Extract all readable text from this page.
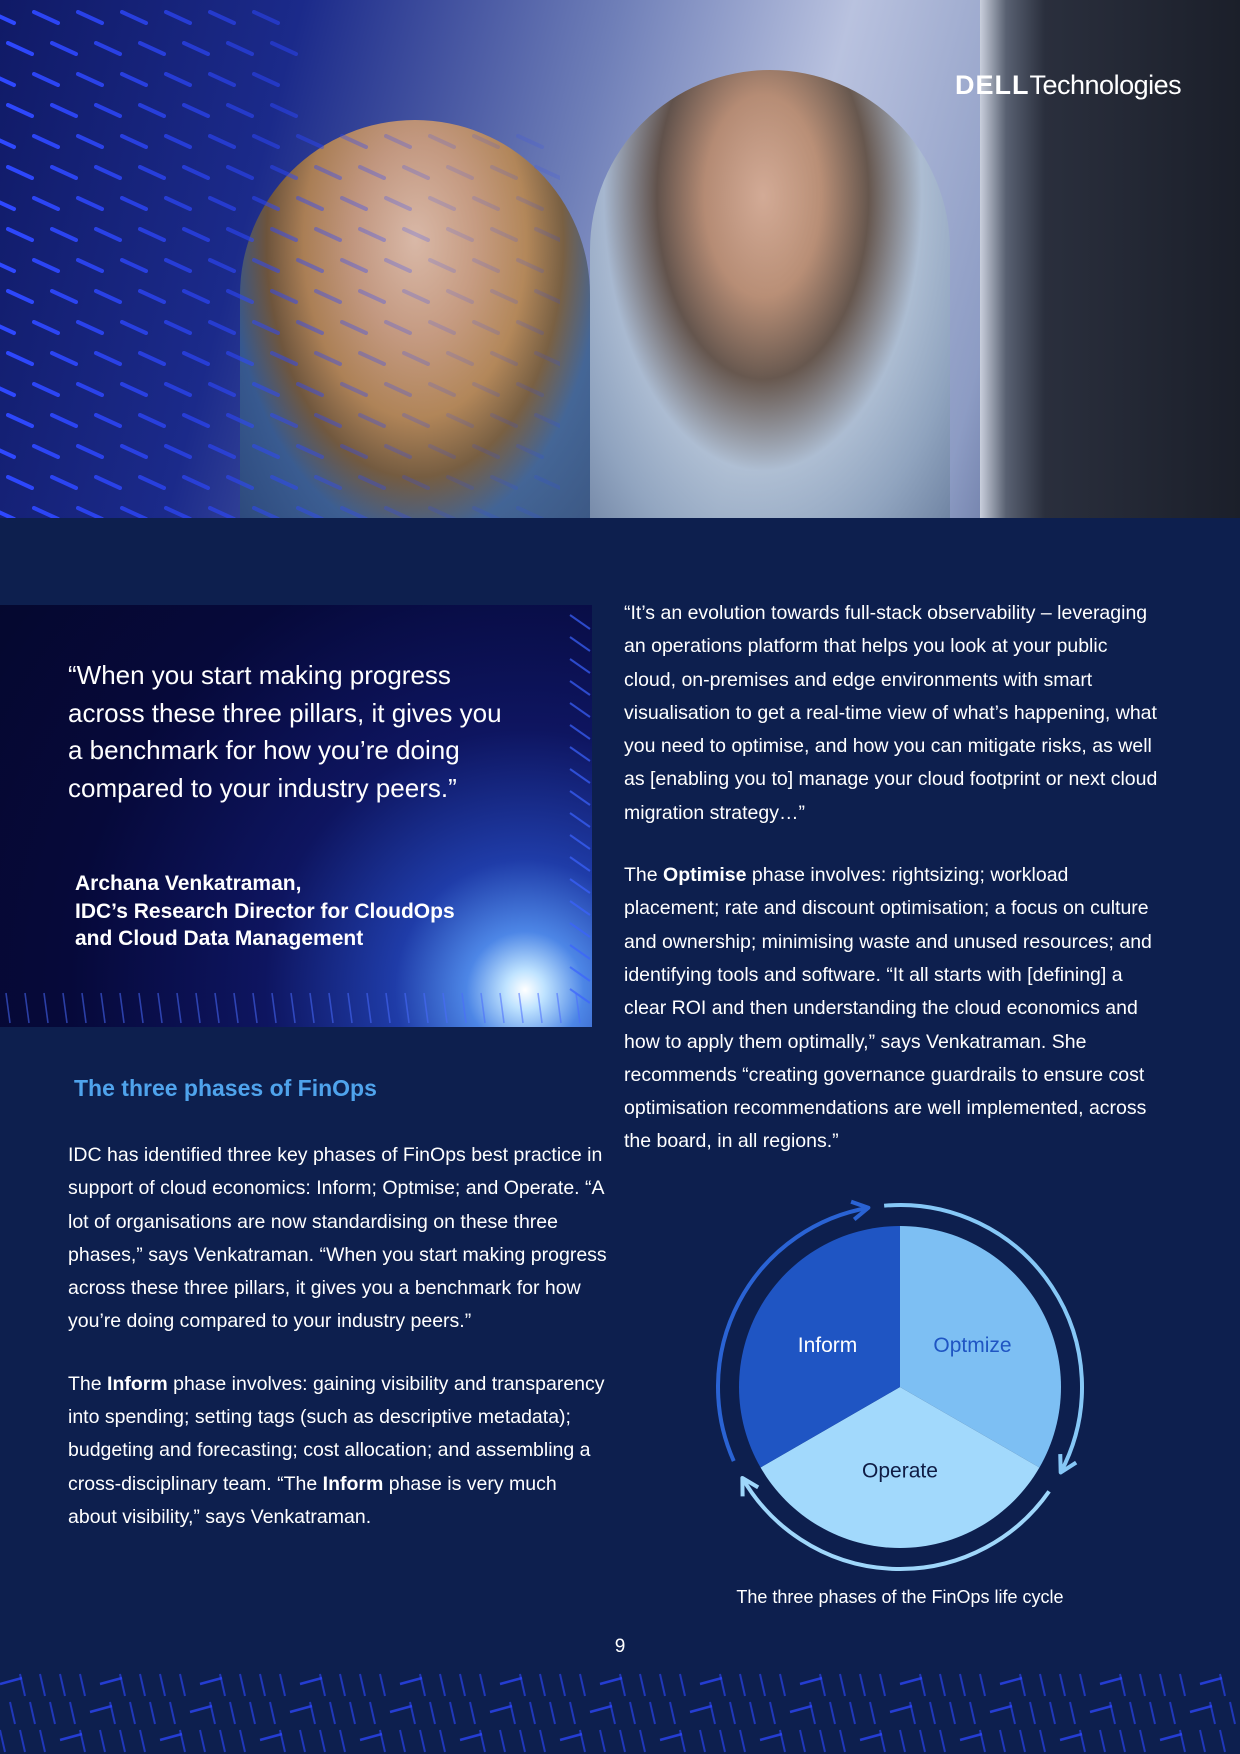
DELLTechnologies
“When you start making progress across these three pillars, it gives you a benchmark for how you’re doing compared to your industry peers.”
Archana Venkatraman,
IDC’s Research Director for CloudOps and Cloud Data Management
The three phases of FinOps

IDC has identified three key phases of FinOps best practice in support of cloud economics: Inform; Optmise; and Operate. “A lot of organisations are now standardising on these three phases,” says Venkatraman. “When you start making progress across these three pillars, it gives you a benchmark for how you’re doing compared to your industry peers.”

The Inform phase involves: gaining visibility and transparency into spending; setting tags (such as descriptive metadata); budgeting and forecasting; cost allocation; and assembling a cross-disciplinary team. “The Inform phase is very much about visibility,” says Venkatraman.

“It’s an evolution towards full-stack observability – leveraging an operations platform that helps you look at your public cloud, on-premises and edge environments with smart visualisation to get a real-time view of what’s happening, what you need to optimise, and how you can mitigate risks, as well as [enabling you to] manage your cloud footprint or next cloud migration strategy…”

The Optimise phase involves: rightsizing; workload placement; rate and discount optimisation; a focus on culture and ownership; minimising waste and unused resources; and identifying tools and software. “It all starts with [defining] a clear ROI and then understanding the cloud economics and how to apply them optimally,” says Venkatraman. She recommends “creating governance guardrails to ensure cost optimisation recommendations are well implemented, across the board, in all regions.”

Optmize
Operate
Inform
The three phases of the FinOps life cycle
9
